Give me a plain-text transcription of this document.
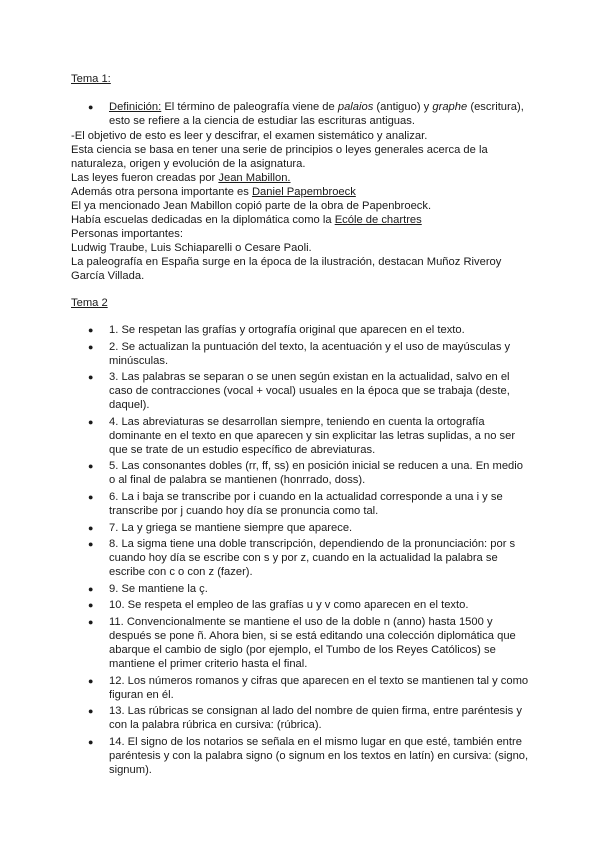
Tema 1:
● Definición: El término de paleografía viene de palaios (antiguo) y graphe (escritura), esto se refiere a la ciencia de estudiar las escrituras antiguas.

-El objetivo de esto es leer y descifrar, el examen sistemático y analizar.

Esta ciencia se basa en tener una serie de principios o leyes generales acerca de la naturaleza, origen y evolución de la asignatura.

Las leyes fueron creadas por Jean Mabillon.

Además otra persona importante es Daniel Papembroeck

El ya mencionado Jean Mabillon copió parte de la obra de Papenbroeck.

Había escuelas dedicadas en la diplomática como la Ecóle de chartres

Personas importantes:

Ludwig Traube, Luis Schiaparelli o Cesare Paoli.

La paleografía en España surge en la época de la ilustración, destacan Muñoz Riveroy García Villada.

Tema 2
● 1. Se respetan las grafías y ortografía original que aparecen en el texto.
● 2. Se actualizan la puntuación del texto, la acentuación y el uso de mayúsculas y minúsculas.
● 3. Las palabras se separan o se unen según existan en la actualidad, salvo en el caso de contracciones (vocal + vocal) usuales en la época que se trabaja (deste, daquel).
● 4. Las abreviaturas se desarrollan siempre, teniendo en cuenta la ortografía dominante en el texto en que aparecen y sin explicitar las letras suplidas, a no ser que se trate de un estudio específico de abreviaturas.
● 5. Las consonantes dobles (rr, ff, ss) en posición inicial se reducen a una. En medio o al final de palabra se mantienen (honrrado, doss).
● 6. La i baja se transcribe por i cuando en la actualidad corresponde a una i y se transcribe por j cuando hoy día se pronuncia como tal.
● 7. La y griega se mantiene siempre que aparece.
● 8. La sigma tiene una doble transcripción, dependiendo de la pronunciación: por s cuando hoy día se escribe con s y por z, cuando en la actualidad la palabra se escribe con c o con z (fazer).
● 9. Se mantiene la ç.
● 10. Se respeta el empleo de las grafías u y v como aparecen en el texto.
● 11. Convencionalmente se mantiene el uso de la doble n (anno) hasta 1500 y después se pone ñ. Ahora bien, si se está editando una colección diplomática que abarque el cambio de siglo (por ejemplo, el Tumbo de los Reyes Católicos) se mantiene el primer criterio hasta el final.
● 12. Los números romanos y cifras que aparecen en el texto se mantienen tal y como figuran en él.
● 13. Las rúbricas se consignan al lado del nombre de quien firma, entre paréntesis y con la palabra rúbrica en cursiva: (rúbrica).
● 14. El signo de los notarios se señala en el mismo lugar en que esté, también entre paréntesis y con la palabra signo (o signum en los textos en latín) en cursiva: (signo, signum).
